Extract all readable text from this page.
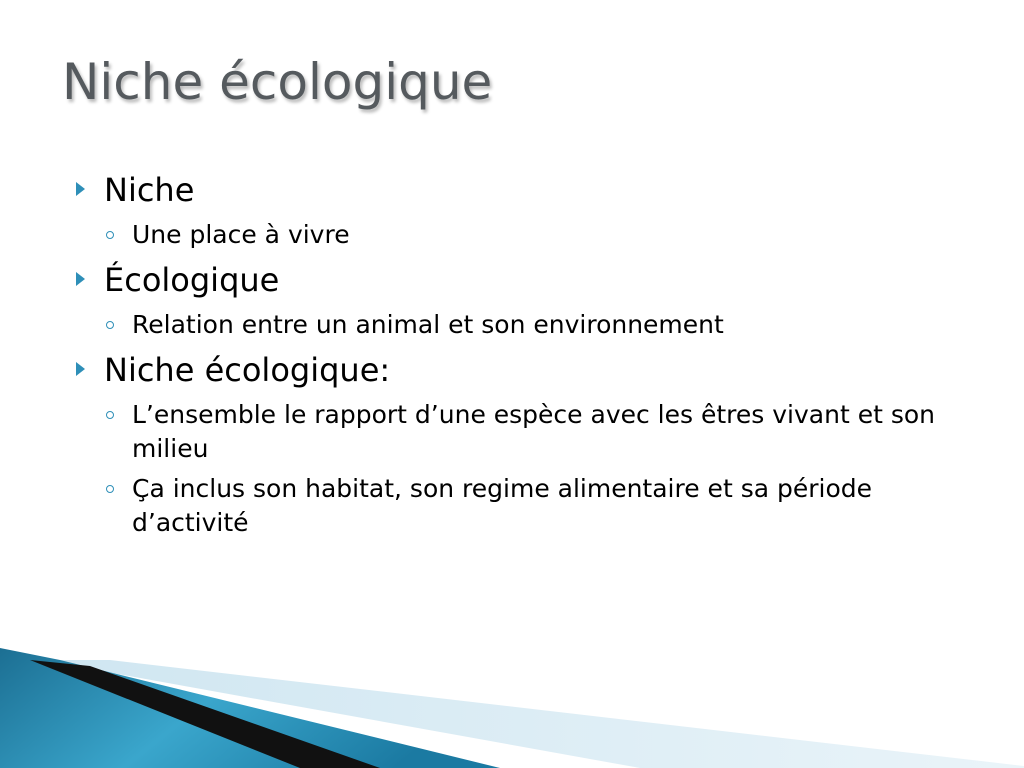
Niche écologique
Niche
Une place à vivre
Écologique
Relation entre un animal et son environnement
Niche écologique:
L’ensemble le rapport d’une espèce avec les êtres vivant et son milieu
Ça inclus son habitat, son regime alimentaire et sa période d’activité
